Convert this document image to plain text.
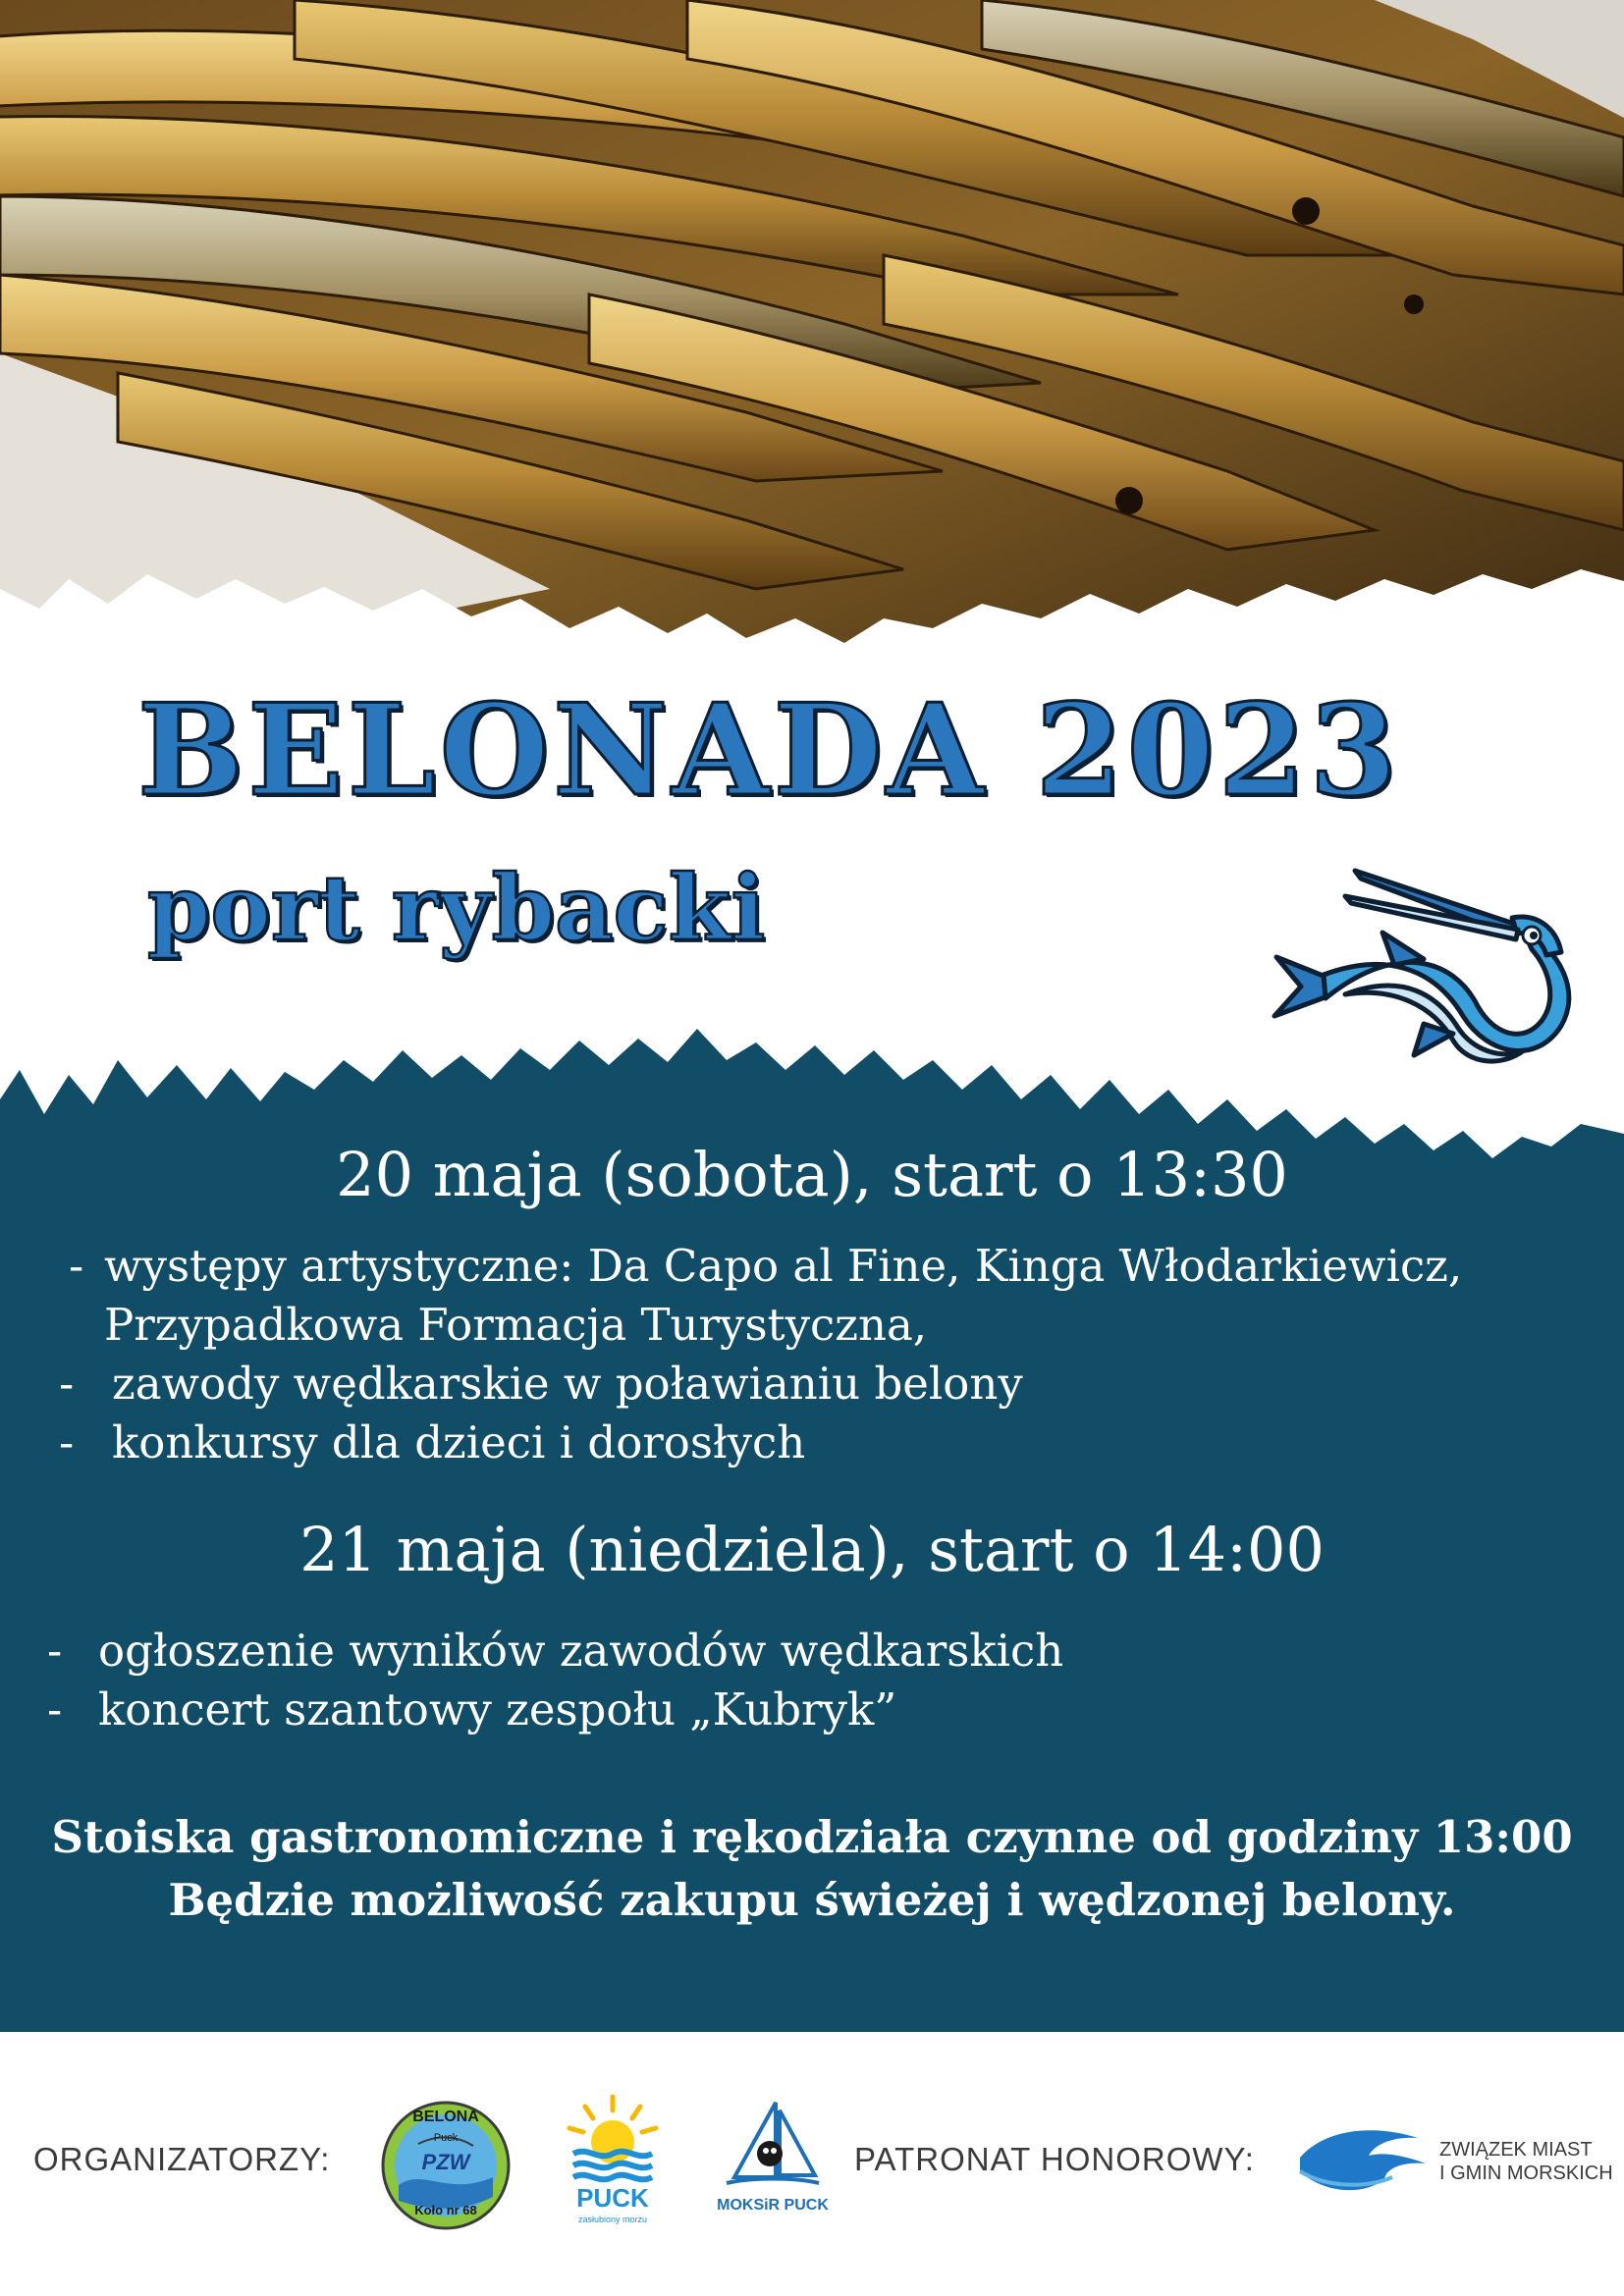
BELONADA 2023
port rybacki
20 maja (sobota), start o 13:30
- występy artystyczne: Da Capo al Fine, Kinga Włodarkiewicz,
Przypadkowa Formacja Turystyczna,
- zawody wędkarskie w poławianiu belony
- konkursy dla dzieci i dorosłych
21 maja (niedziela), start o 14:00
- ogłoszenie wyników zawodów wędkarskich
- koncert szantowy zespołu „Kubryk”
Stoiska gastronomiczne i rękodziała czynne od godziny 13:00
Będzie możliwość zakupu świeżej i wędzonej belony.
ORGANIZATORZY:
BELONA
Puck
PZW
Koło nr 68	PUCK
zasłubiony morzu
MOKSiR PUCK
PATRONAT HONOROWY:	ZWIĄZEK MIAST
I GMIN MORSKICH
